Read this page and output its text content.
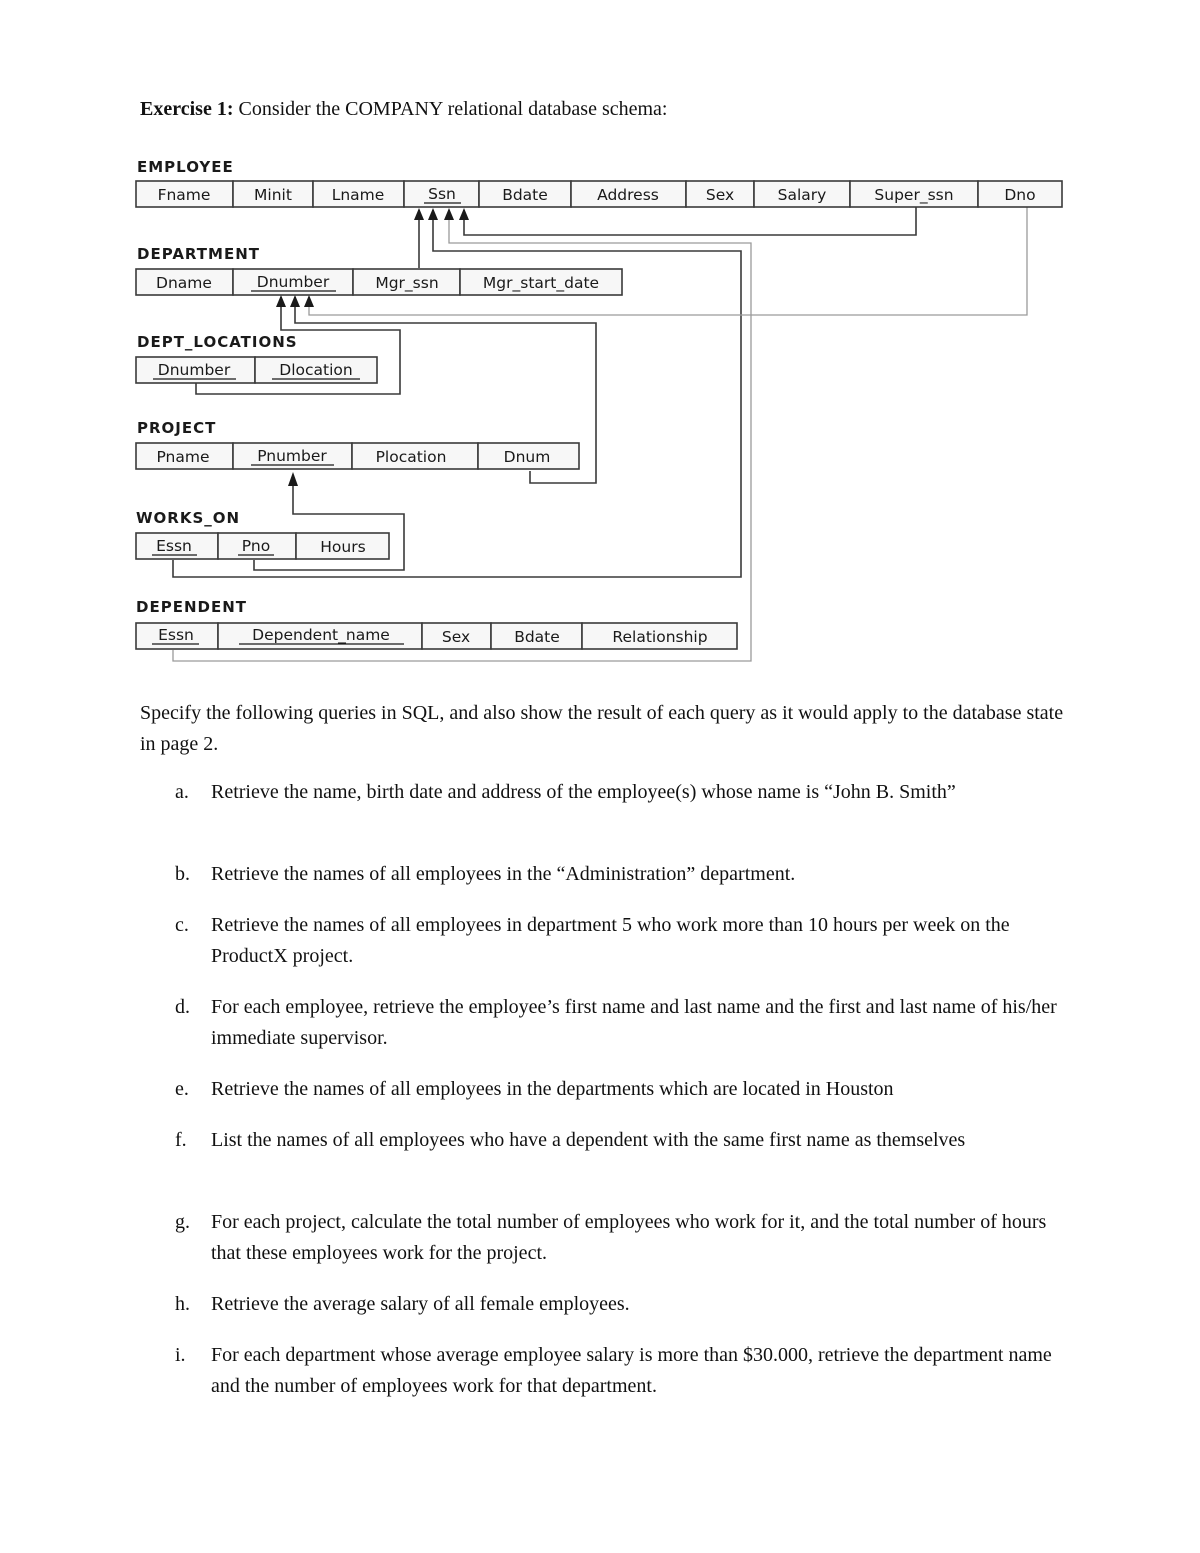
Exercise 1: Consider the COMPANY relational database schema:
EMPLOYEE
Fname	Minit	Lname	Ssn	Bdate	Address	Sex	Salary	Super_ssn	Dno
DEPARTMENT
Dname	Dnumber	Mgr_ssn	Mgr_start_date
DEPT_LOCATIONS
Dnumber	Dlocation
PROJECT
Pname	Pnumber	Plocation	Dnum
WORKS_ON
Essn	Pno	Hours
DEPENDENT
Essn	Dependent_name	Sex	Bdate	Relationship
Specify the following queries in SQL, and also show the result of each query as it would apply to the database state in page 2.
a. Retrieve the name, birth date and address of the employee(s) whose name is “John B. Smith”
b. Retrieve the names of all employees in the “Administration” department.
c. Retrieve the names of all employees in department 5 who work more than 10 hours per week on the ProductX project.
d. For each employee, retrieve the employee’s first name and last name and the first and last name of his/her immediate supervisor.
e. Retrieve the names of all employees in the departments which are located in Houston
f. List the names of all employees who have a dependent with the same first name as themselves
g. For each project, calculate the total number of employees who work for it, and the total number of hours that these employees work for the project.
h. Retrieve the average salary of all female employees.
i. For each department whose average employee salary is more than $30.000, retrieve the department name and the number of employees work for that department.
